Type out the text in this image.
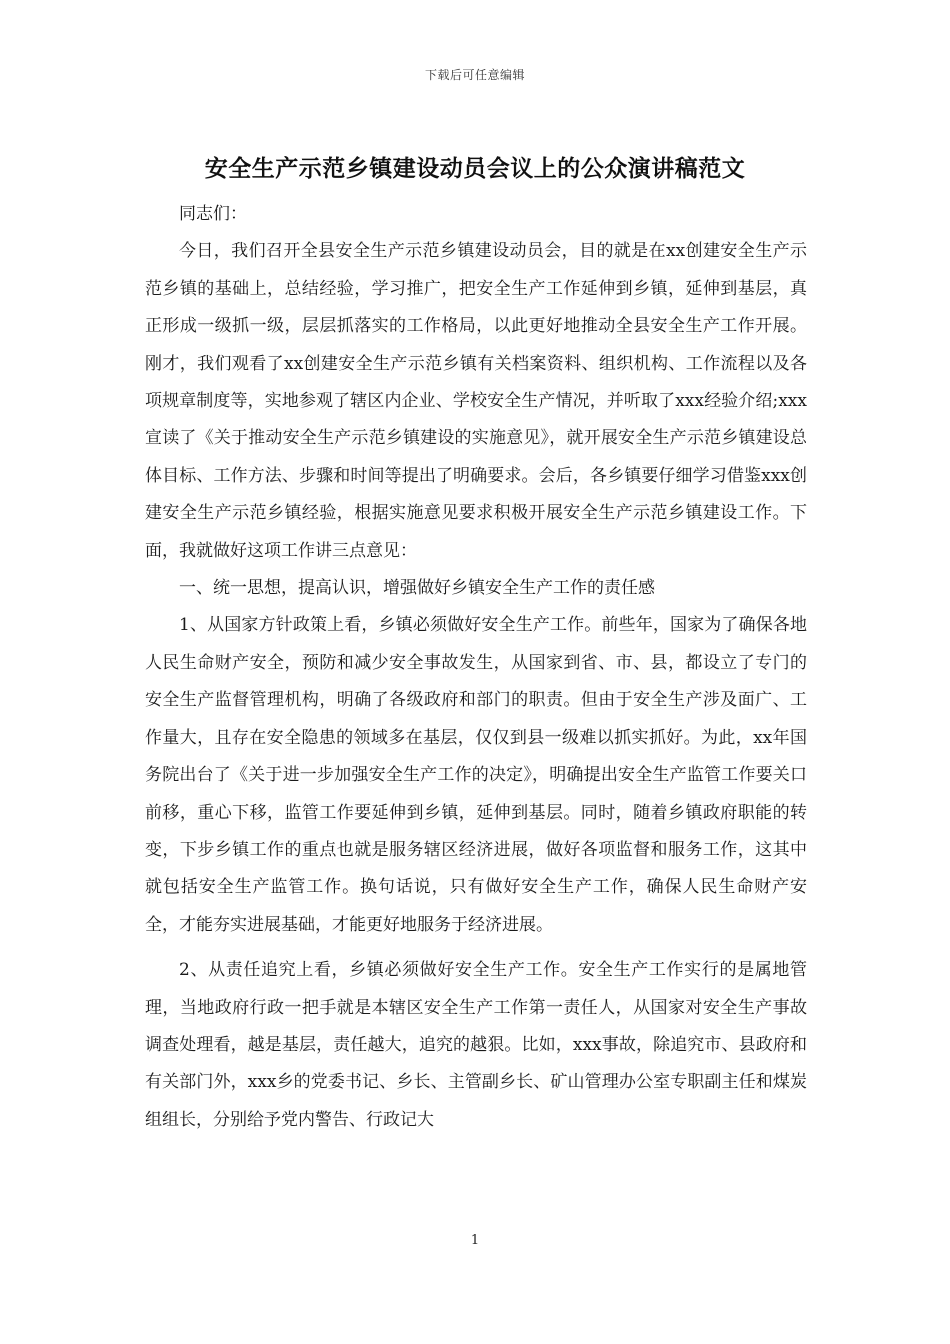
下载后可任意编辑
安全生产示范乡镇建设动员会议上的公众演讲稿范文

同志们：

今日，我们召开全县安全生产示范乡镇建设动员会，目的就是在xx创建安全生产示范乡镇的基础上，总结经验，学习推广，把安全生产工作延伸到乡镇，延伸到基层，真正形成一级抓一级，层层抓落实的工作格局，以此更好地推动全县安全生产工作开展。刚才，我们观看了xx创建安全生产示范乡镇有关档案资料、组织机构、工作流程以及各项规章制度等，实地参观了辖区内企业、学校安全生产情况，并听取了xxx经验介绍;xxx宣读了《关于推动安全生产示范乡镇建设的实施意见》，就开展安全生产示范乡镇建设总体目标、工作方法、步骤和时间等提出了明确要求。会后，各乡镇要仔细学习借鉴xxx创建安全生产示范乡镇经验，根据实施意见要求积极开展安全生产示范乡镇建设工作。下面，我就做好这项工作讲三点意见：

一、统一思想，提高认识，增强做好乡镇安全生产工作的责任感

1、从国家方针政策上看，乡镇必须做好安全生产工作。前些年，国家为了确保各地人民生命财产安全，预防和减少安全事故发生，从国家到省、市、县，都设立了专门的安全生产监督管理机构，明确了各级政府和部门的职责。但由于安全生产涉及面广、工作量大，且存在安全隐患的领域多在基层，仅仅到县一级难以抓实抓好。为此，xx年国务院出台了《关于进一步加强安全生产工作的决定》，明确提出安全生产监管工作要关口前移，重心下移，监管工作要延伸到乡镇，延伸到基层。同时，随着乡镇政府职能的转变，下步乡镇工作的重点也就是服务辖区经济进展，做好各项监督和服务工作，这其中就包括安全生产监管工作。换句话说，只有做好安全生产工作，确保人民生命财产安全，才能夯实进展基础，才能更好地服务于经济进展。

2、从责任追究上看，乡镇必须做好安全生产工作。安全生产工作实行的是属地管理，当地政府行政一把手就是本辖区安全生产工作第一责任人，从国家对安全生产事故调查处理看，越是基层，责任越大，追究的越狠。比如，xxx事故，除追究市、县政府和有关部门外，xxx乡的党委书记、乡长、主管副乡长、矿山管理办公室专职副主任和煤炭组组长，分别给予党内警告、行政记大

1
